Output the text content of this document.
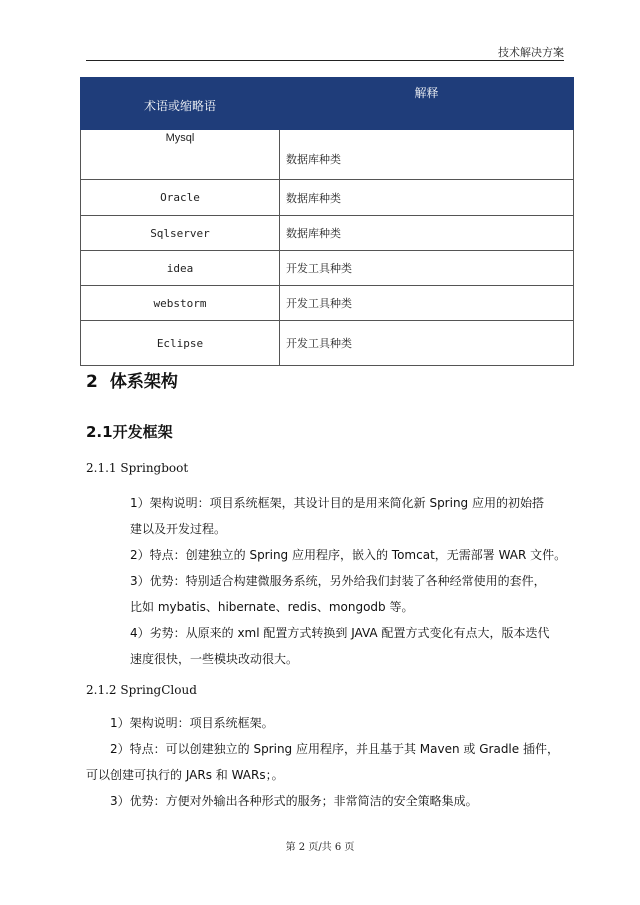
技术解决方案
术语或缩略语	解释
Mysql	数据库种类
Oracle	数据库种类
Sqlserver	数据库种类
idea	开发工具种类
webstorm	开发工具种类
Eclipse	开发工具种类
2 体系架构
2.1开发框架
2.1.1 Springboot
1）架构说明：项目系统框架，其设计目的是用来简化新 Spring 应用的初始搭
建以及开发过程。
2）特点：创建独立的 Spring 应用程序，嵌入的 Tomcat，无需部署 WAR 文件。
3）优势：特别适合构建微服务系统，另外给我们封装了各种经常使用的套件，
比如 mybatis、hibernate、redis、mongodb 等。
4）劣势：从原来的 xml 配置方式转换到 JAVA 配置方式变化有点大，版本迭代
速度很快，一些模块改动很大。
2.1.2 SpringCloud
1）架构说明：项目系统框架。
2）特点：可以创建独立的 Spring 应用程序，并且基于其 Maven 或 Gradle 插件，
可以创建可执行的 JARs 和 WARs；。
3）优势：方便对外输出各种形式的服务；非常简洁的安全策略集成。
第 2 页/共 6 页
